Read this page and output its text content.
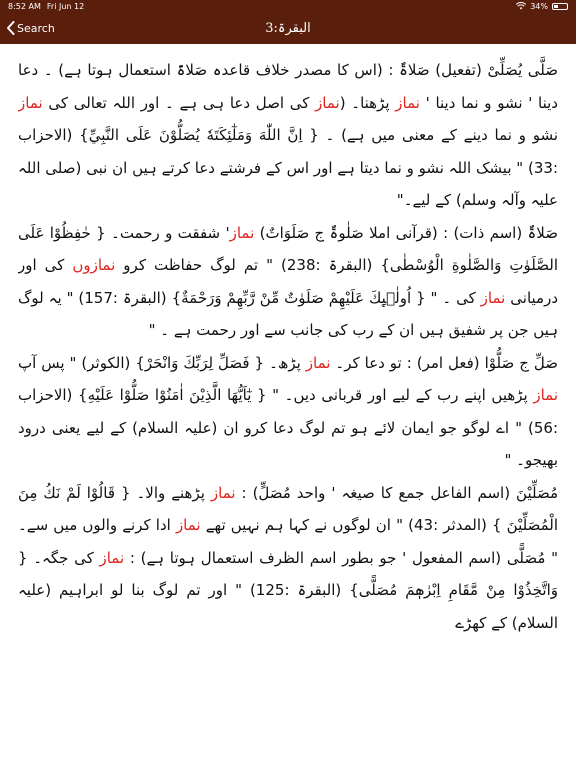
8:52 AM Fri Jun 12	34%
Search	البقرۃ:3

صَلَّى يُصَلِّىْ (تفعیل) صَلاۃٌ : (اس کا مصدر خلاف قاعدہ صَلاۃً استعمال ہوتا ہے) ۔ دعا دینا ' نشو و نما دینا ' نماز پڑھنا۔ (نماز کی اصل دعا ہی ہے ۔ اور اللہ تعالی کی نماز نشو و نما دینے کے معنی میں ہے) ۔ { اِنَّ اللّٰهَ وَمَلٰٓئِكَتَهٗ يُصَلُّوْنَ عَلَى النَّبِيِّ} (الاحزاب :33) " بیشک اللہ نشو و نما دیتا ہے اور اس کے فرشتے دعا کرتے ہیں ان نبی (صلی اللہ علیہ وآلہ وسلم) کے لیے۔"

صَلاۃٌ (اسم ذات) : (قرآنی املا صَلٰوۃٌ ج صَلَوَاتٌ) نماز' شفقت و رحمت۔ { حٰفِظُوْا عَلَى الصَّلَوٰتِ وَالصَّلٰوةِ الْوُسْطٰى} (البقرۃ :238) " تم لوگ حفاظت کرو نمازوں کی اور درمیانی نماز کی ۔ " { اُولٰۗىِٕكَ عَلَيْهِمْ صَلَوٰتٌ مِّنْ رَّبِّهِمْ وَرَحْمَةٌ} (البقرۃ :157) " یہ لوگ ہیں جن پر شفیق ہیں ان کے رب کی جانب سے اور رحمت ہے ۔ "

صَلِّ ج صَلُّوْا (فعل امر) : تو دعا کر۔ نماز پڑھ۔ { فَصَلِّ لِرَبِّكَ وَانْحَرْ} (الکوثر) " پس آپ نماز پڑھیں اپنے رب کے لیے اور قربانی دیں۔ " { يٰٓاَيُّهَا الَّذِيْنَ اٰمَنُوْا صَلُّوْا عَلَيْهِ} (الاحزاب :56) " اے لوگو جو ایمان لائے ہو تم لوگ دعا کرو ان (علیہ السلام) کے لیے یعنی درود بھیجو۔ "

مُصَلِّيْنَ (اسم الفاعل جمع کا صیغہ ' واحد مُصَلٍّ) : نماز پڑھنے والا۔ { قَالُوْا لَمْ نَكُ مِنَ الْمُصَلِّيْنَ } (المدثر :43) " ان لوگوں نے کہا ہم نہیں تھے نماز ادا کرنے والوں میں سے۔ " مُصَلًّى (اسم المفعول ' جو بطور اسم الظرف استعمال ہوتا ہے) : نماز کی جگہ۔ { وَاتَّخِذُوْا مِنْ مَّقَامِ اِبْرٰهٖمَ مُصَلًّى} (البقرۃ :125) " اور تم لوگ بنا لو ابراہیم (علیہ السلام) کے کھڑے
